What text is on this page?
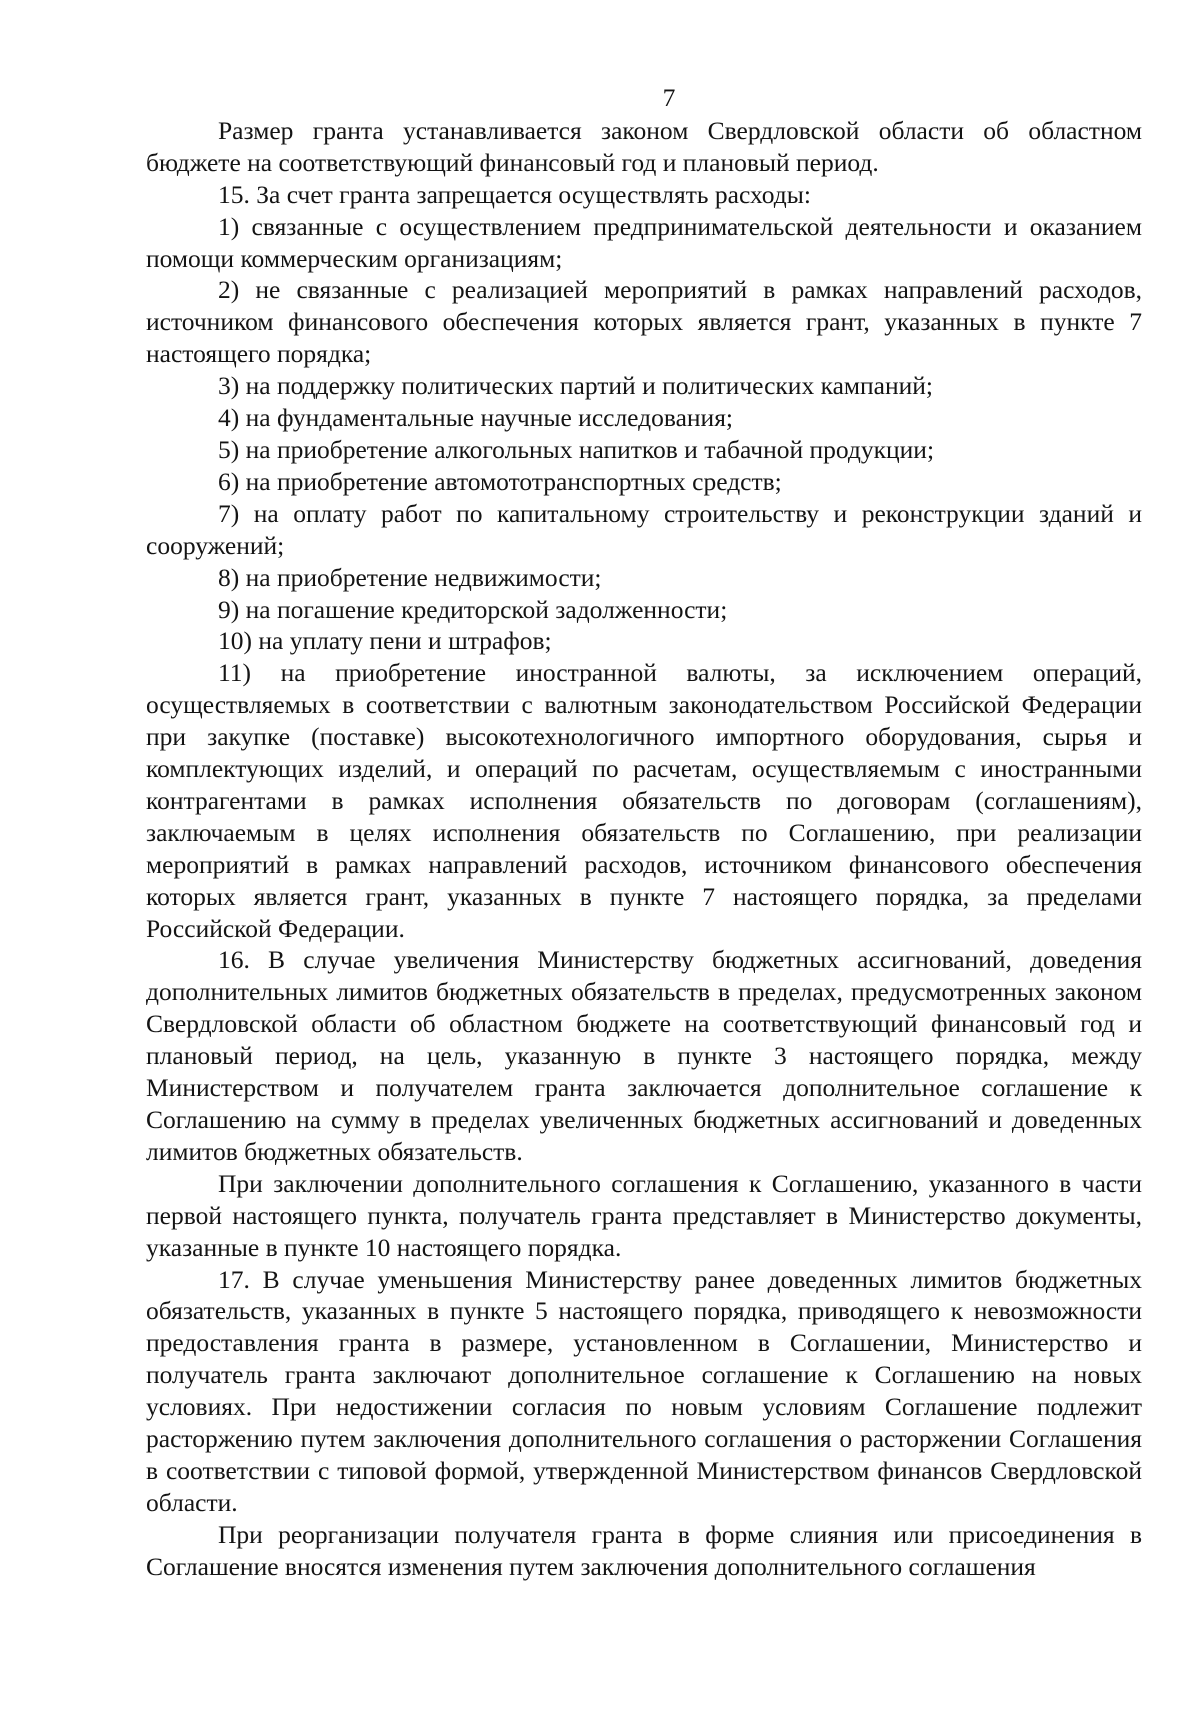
7

Размер гранта устанавливается законом Свердловской области об областном бюджете на соответствующий финансовый год и плановый период.

15. За счет гранта запрещается осуществлять расходы:

1) связанные с осуществлением предпринимательской деятельности и оказанием помощи коммерческим организациям;

2) не связанные с реализацией мероприятий в рамках направлений расходов, источником финансового обеспечения которых является грант, указанных в пункте 7 настоящего порядка;

3) на поддержку политических партий и политических кампаний;

4) на фундаментальные научные исследования;

5) на приобретение алкогольных напитков и табачной продукции;

6) на приобретение автомототранспортных средств;

7) на оплату работ по капитальному строительству и реконструкции зданий и сооружений;

8) на приобретение недвижимости;

9) на погашение кредиторской задолженности;

10) на уплату пени и штрафов;

11) на приобретение иностранной валюты, за исключением операций, осуществляемых в соответствии с валютным законодательством Российской Федерации при закупке (поставке) высокотехнологичного импортного оборудования, сырья и комплектующих изделий, и операций по расчетам, осуществляемым с иностранными контрагентами в рамках исполнения обязательств по договорам (соглашениям), заключаемым в целях исполнения обязательств по Соглашению, при реализации мероприятий в рамках направлений расходов, источником финансового обеспечения которых является грант, указанных в пункте 7 настоящего порядка, за пределами Российской Федерации.

16. В случае увеличения Министерству бюджетных ассигнований, доведения дополнительных лимитов бюджетных обязательств в пределах, предусмотренных законом Свердловской области об областном бюджете на соответствующий финансовый год и плановый период, на цель, указанную в пункте 3 настоящего порядка, между Министерством и получателем гранта заключается дополнительное соглашение к Соглашению на сумму в пределах увеличенных бюджетных ассигнований и доведенных лимитов бюджетных обязательств.

При заключении дополнительного соглашения к Соглашению, указанного в части первой настоящего пункта, получатель гранта представляет в Министерство документы, указанные в пункте 10 настоящего порядка.

17. В случае уменьшения Министерству ранее доведенных лимитов бюджетных обязательств, указанных в пункте 5 настоящего порядка, приводящего к невозможности предоставления гранта в размере, установленном в Соглашении, Министерство и получатель гранта заключают дополнительное соглашение к Соглашению на новых условиях. При недостижении согласия по новым условиям Соглашение подлежит расторжению путем заключения дополнительного соглашения о расторжении Соглашения в соответствии с типовой формой, утвержденной Министерством финансов Свердловской области.

При реорганизации получателя гранта в форме слияния или присоединения в Соглашение вносятся изменения путем заключения дополнительного соглашения
